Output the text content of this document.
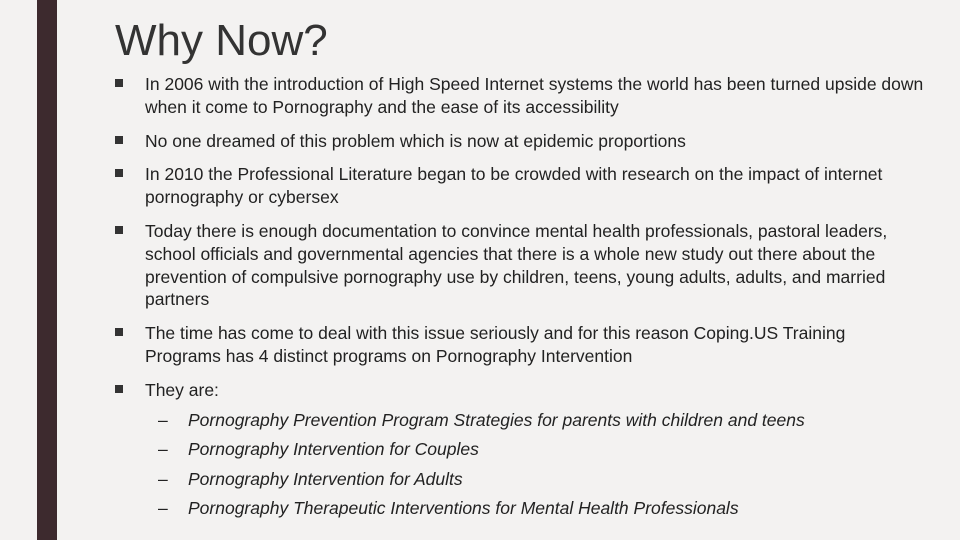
Why Now?
In 2006 with the introduction of High Speed Internet systems the world has been turned upside down when it come to Pornography and the ease of its accessibility
No one dreamed of this problem which is now at epidemic proportions
In 2010 the Professional Literature began to be crowded with research on the impact of internet pornography or cybersex
Today there is enough documentation to convince mental health professionals, pastoral leaders, school officials and governmental agencies that there is a whole new study out there about the prevention of compulsive pornography use by children, teens, young adults, adults, and married partners
The time has come to deal with this issue seriously and for this reason Coping.US Training Programs has 4 distinct programs on Pornography Intervention
They are:
– Pornography Prevention Program Strategies for parents with children and teens
– Pornography Intervention for Couples
– Pornography Intervention for Adults
– Pornography Therapeutic Interventions for Mental Health Professionals
